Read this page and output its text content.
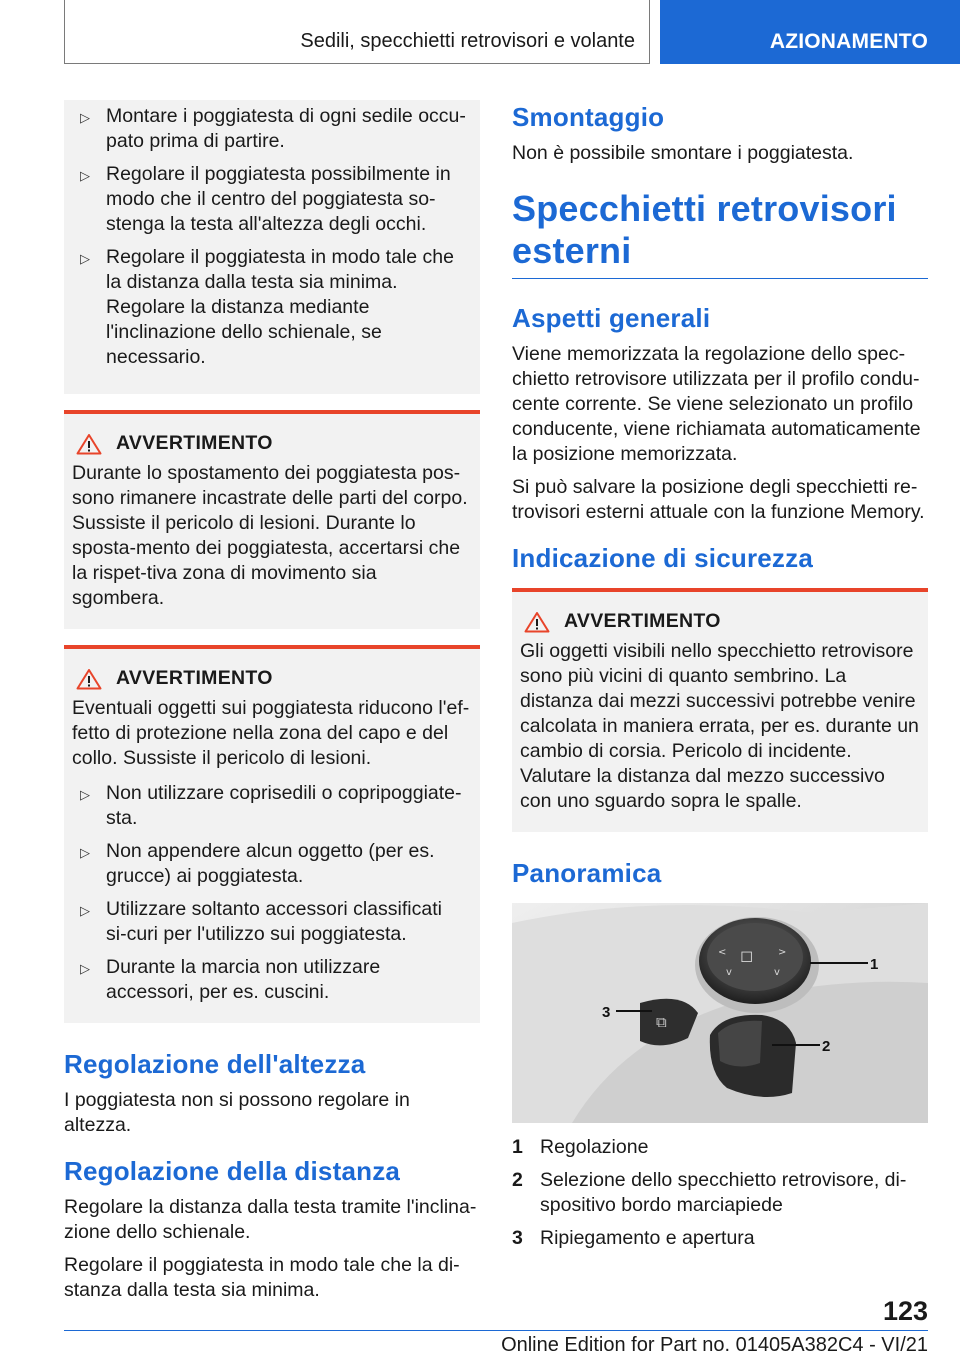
Sedili, specchietti retrovisori e volante	AZIONAMENTO
▷ Montare i poggiatesta di ogni sedile occu-pato prima di partire.
▷ Regolare il poggiatesta possibilmente in modo che il centro del poggiatesta so-stenga la testa all'altezza degli occhi.
▷ Regolare il poggiatesta in modo tale che la distanza dalla testa sia minima. Regolare la distanza mediante l'inclinazione dello schienale, se necessario.
AVVERTIMENTO

Durante lo spostamento dei poggiatesta pos-sono rimanere incastrate delle parti del corpo. Sussiste il pericolo di lesioni. Durante lo sposta-mento dei poggiatesta, accertarsi che la rispet-tiva zona di movimento sia sgombera.

AVVERTIMENTO

Eventuali oggetti sui poggiatesta riducono l'ef-fetto di protezione nella zona del capo e del collo. Sussiste il pericolo di lesioni.

▷ Non utilizzare coprisedili o copripoggiate-sta.
▷ Non appendere alcun oggetto (per es. grucce) ai poggiatesta.
▷ Utilizzare soltanto accessori classificati si-curi per l'utilizzo sui poggiatesta.
▷ Durante la marcia non utilizzare accessori, per es. cuscini.
Regolazione dell'altezza

I poggiatesta non si possono regolare in altezza.

Regolazione della distanza

Regolare la distanza dalla testa tramite l'inclina-zione dello schienale.

Regolare il poggiatesta in modo tale che la di-stanza dalla testa sia minima.

Smontaggio

Non è possibile smontare i poggiatesta.

Specchietti retrovisori esterni
Aspetti generali

Viene memorizzata la regolazione dello spec-chietto retrovisore utilizzata per il profilo condu-cente corrente. Se viene selezionato un profilo conducente, viene richiamata automaticamente la posizione memorizzata.

Si può salvare la posizione degli specchietti re-trovisori esterni attuale con la funzione Memory.

Indicazione di sicurezza
AVVERTIMENTO

Gli oggetti visibili nello specchietto retrovisore sono più vicini di quanto sembrino. La distanza dai mezzi successivi potrebbe venire calcolata in maniera errata, per es. durante un cambio di corsia. Pericolo di incidente. Valutare la distanza dal mezzo successivo con uno sguardo sopra le spalle.

Panoramica
◻
<	>
v	v
⧉
1
2
3
1 Regolazione
2 Selezione dello specchietto retrovisore, di-spositivo bordo marciapiede
3 Ripiegamento e apertura
123
Online Edition for Part no. 01405A382C4 - VI/21
